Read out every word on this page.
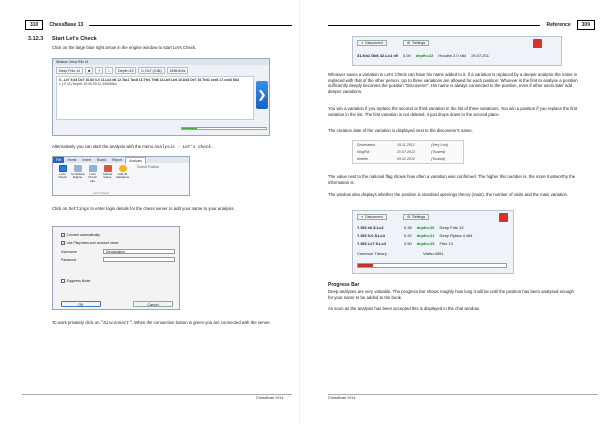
310	ChessBase 13
3.12.3 Start Let's Check
Click on the large blue right arrow in the engine window to start Let's Check.
Window: Deep Fritz 14
Deep Fritz 14	■	+	⌕	Depth=19	0. Dc7 (2:36)	2836 kN/s
0...Le7 9.b3 Dc7 10.b3 0-0 11.Lb2 b6 12.Tac1 Tac8 13.Tfe1 Tfd8 14.Lb5 Lb6 15.Dd3 De7 16.Ted1 cxd4 17.cxd4 Sb4
= (-0.11) Depth: 19 00:00:12 2452kN/s
❯
Alternatively you can start the analysis with the menu Analysis - Let's Check.
File	Home	Insert	Board	Report	Analysis
Let's Check
Contribute Engine
Let's Check Info
Submit Game
Add all Variations
Submit Position
Let's Check
Click on Settings to enter login details for the chess server to add your name to your analysis.
✓ Connect automatically
✓ Use Playchess.com account name
Username	Devlamateur
Password
Suppress Noise
OK	Cancel
To work privately click on "Disconnect". When the connection button is green you are connected with the server.
ChessBase 2014
Reference	309
● Disconnect	⚙ Settings
31.Kb1 Db6 32.Lc1 e5 0.00 depth=22 Houdini 2.0 x64 29.07.201
Whoever saves a variation in Let's Check can have his name added to it. If a variation is replaced by a deeper analysis the name is replaced with that of the other person. Up to three variations are allowed for each position. Whoever is the first to analyse a position sufficiently deeply becomes the position "Discoverer". His name is always connected to the position, even if other users later add deeper variations.
You win a variation if you replace the second or third variation in the list of three variations. You win a position if you replace the first variation in the list. The first variation is not deleted, it just drops down to the second place.
The creation date of the variation is displayed next to the discoverer's name.
Devlmateur	19.11.2012	(Very Low)
KingRik	20.07.2012	(Trusted)
dretele	09.02.2012	(Trusted)
The value next to the national flag shows how often a variation was confirmed. The higher this number is, the more trustworthy the information is.
The window also displays whether the position is standard openings theory (main), the number of visits and the main variation.
● Disconnect	⚙ Settings
7.Sf3 e6 8.Lc4	0.36 depth=26 Deep Fritz 13
7.Sf3 0-0 8.Lc4	0.20 depth=21 Deep Rybka 4 x64
7.Sf3 Le7 8.Lc4	0.50 depth=25 Fritz 13
Common Theory	Visits=4361
Progress Bar
Deep analyses are very valuable. The progress bar shows roughly how long it will be until the position has been analysed enough for your name to be added to the book.
As soon as the analysis has been accepted this is displayed in the chat window.
ChessBase 2014
